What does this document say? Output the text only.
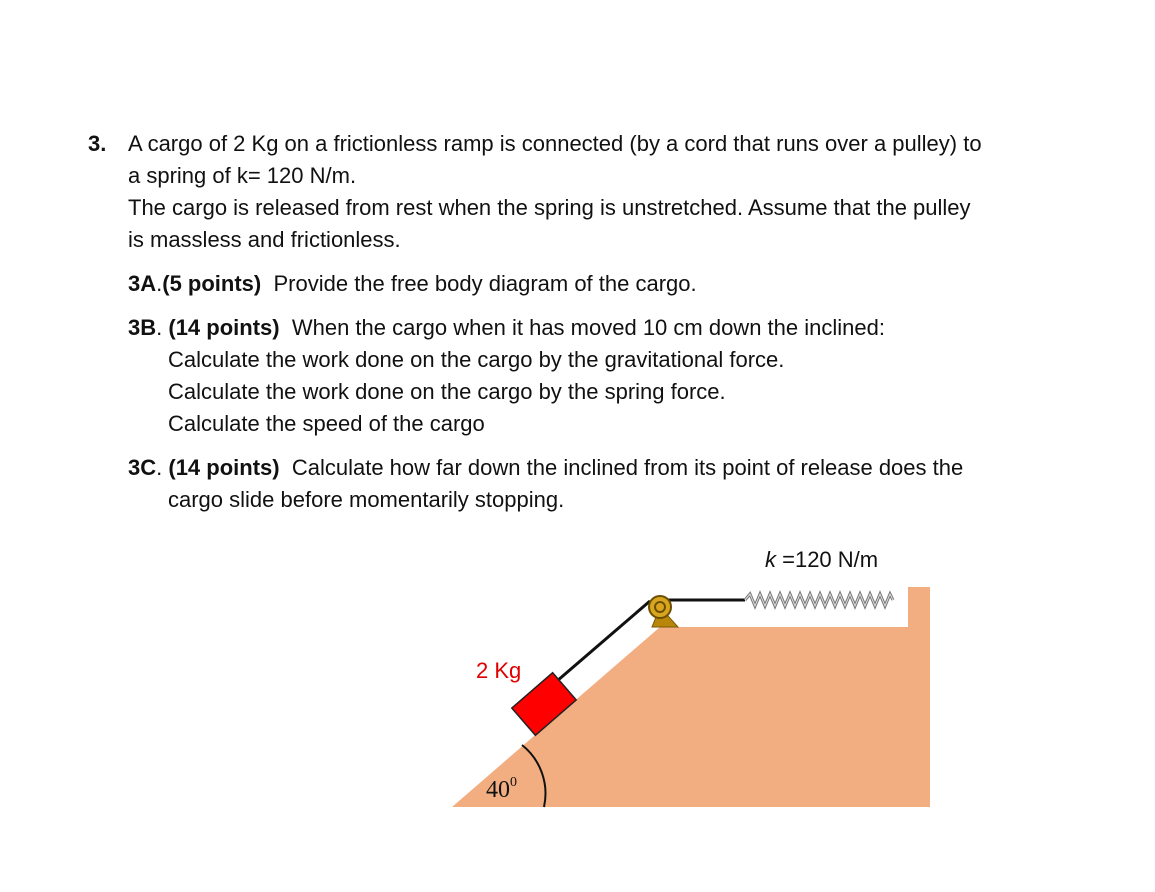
3. A cargo of 2 Kg on a frictionless ramp is connected (by a cord that runs over a pulley) to
a spring of k= 120 N/m.
The cargo is released from rest when the spring is unstretched. Assume that the pulley
is massless and frictionless.
3A.(5 points) Provide the free body diagram of the cargo.
3B. (14 points) When the cargo when it has moved 10 cm down the inclined:
Calculate the work done on the cargo by the gravitational force.
Calculate the work done on the cargo by the spring force.
Calculate the speed of the cargo
3C. (14 points) Calculate how far down the inclined from its point of release does the
cargo slide before momentarily stopping.
k =120 N/m
2 Kg
$40^0$
